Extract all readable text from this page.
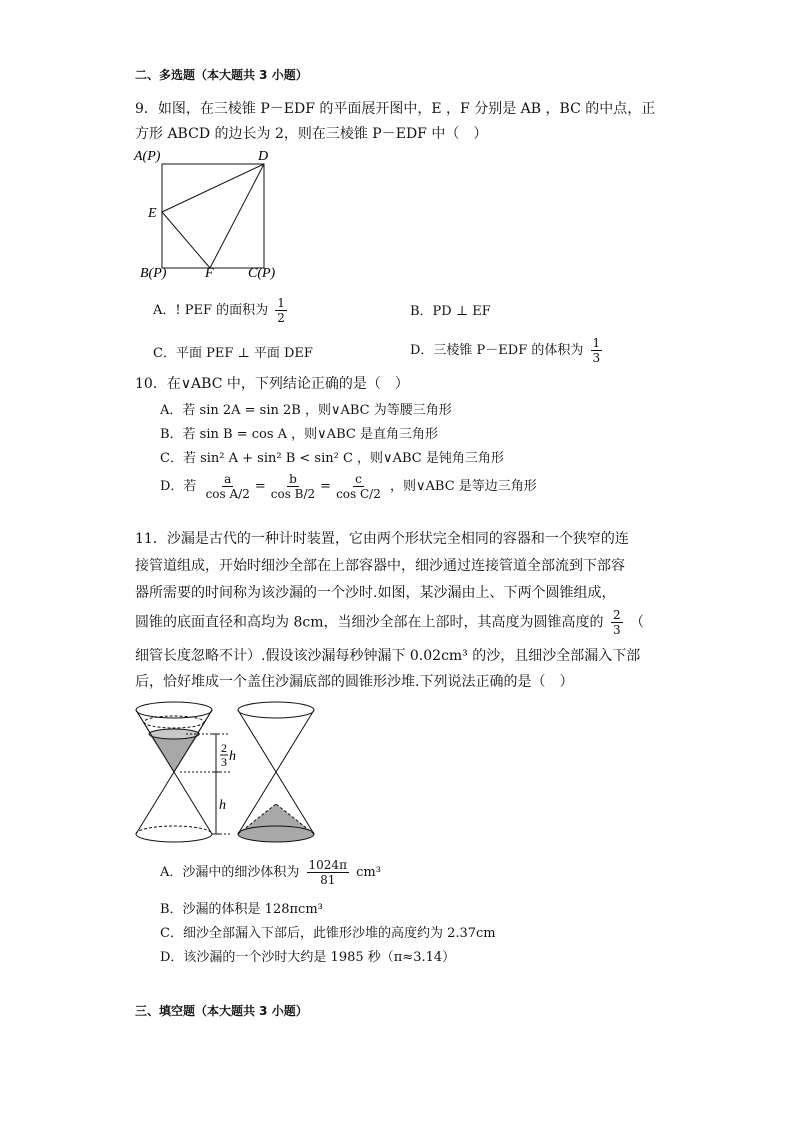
二、多选题（本大题共 3 小题）
9．如图，在三棱锥 P－EDF 的平面展开图中，E ，F 分别是 AB ，BC 的中点，正
方形 ABCD 的边长为 2，则在三棱锥 P－EDF 中（　）
A(P)	D
E
B(P)	F C(P)
A．! PEF 的面积为 $\frac{1}{2}$	B．PD ⊥ EF
C．平面 PEF ⊥ 平面 DEF	D．三棱锥 P－EDF 的体积为 $\frac{1}{3}$
10．在∨ABC 中，下列结论正确的是（　）
A．若 sin 2A = sin 2B ，则∨ABC 为等腰三角形
B．若 sin B = cos A ，则∨ABC 是直角三角形
C．若 sin² A + sin² B < sin² C ，则∨ABC 是钝角三角形
D．若 $\frac{a}{\text{cos A/2}} = \frac{b}{\text{cos B/2}} = \frac{c}{\text{cos C/2}}$ ，则∨ABC 是等边三角形
11．沙漏是古代的一种计时装置，它由两个形状完全相同的容器和一个狭窄的连
接管道组成，开始时细沙全部在上部容器中，细沙通过连接管道全部流到下部容
器所需要的时间称为该沙漏的一个沙时.如图，某沙漏由上、下两个圆锥组成，
圆锥的底面直径和高均为 8cm，当细沙全部在上部时，其高度为圆锥高度的 $\frac{2}{3}$ （
细管长度忽略不计）.假设该沙漏每秒钟漏下 0.02cm³ 的沙，且细沙全部漏入下部
后，恰好堆成一个盖住沙漏底部的圆锥形沙堆.下列说法正确的是（　）
2
3 h
h
A．沙漏中的细沙体积为 $\frac{1024\pi}{81} cm^3$
B．沙漏的体积是 128πcm³
C．细沙全部漏入下部后，此锥形沙堆的高度约为 2.37cm
D．该沙漏的一个沙时大约是 1985 秒（π≈3.14）
三、填空题（本大题共 3 小题）
